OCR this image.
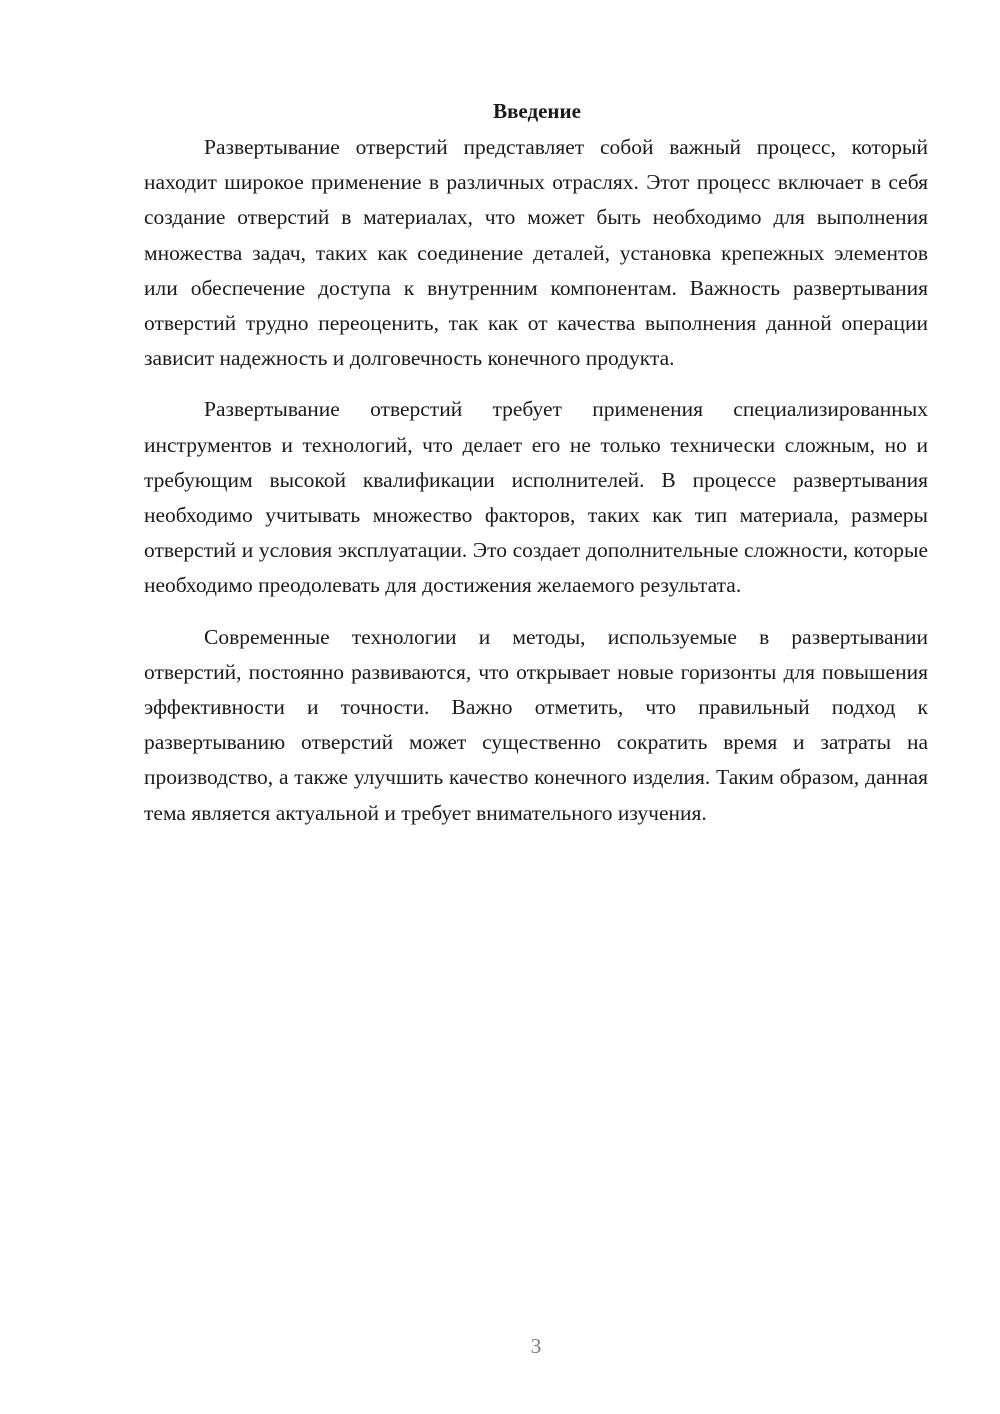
Введение

Развертывание отверстий представляет собой важный процесс, который находит широкое применение в различных отраслях. Этот процесс включает в себя создание отверстий в материалах, что может быть необходимо для выполнения множества задач, таких как соединение деталей, установка крепежных элементов или обеспечение доступа к внутренним компонентам. Важность развертывания отверстий трудно переоценить, так как от качества выполнения данной операции зависит надежность и долговечность конечного продукта.

Развертывание отверстий требует применения специализированных инструментов и технологий, что делает его не только технически сложным, но и требующим высокой квалификации исполнителей. В процессе развертывания необходимо учитывать множество факторов, таких как тип материала, размеры отверстий и условия эксплуатации. Это создает дополнительные сложности, которые необходимо преодолевать для достижения желаемого результата.

Современные технологии и методы, используемые в развертывании отверстий, постоянно развиваются, что открывает новые горизонты для повышения эффективности и точности. Важно отметить, что правильный подход к развертыванию отверстий может существенно сократить время и затраты на производство, а также улучшить качество конечного изделия. Таким образом, данная тема является актуальной и требует внимательного изучения.

3
